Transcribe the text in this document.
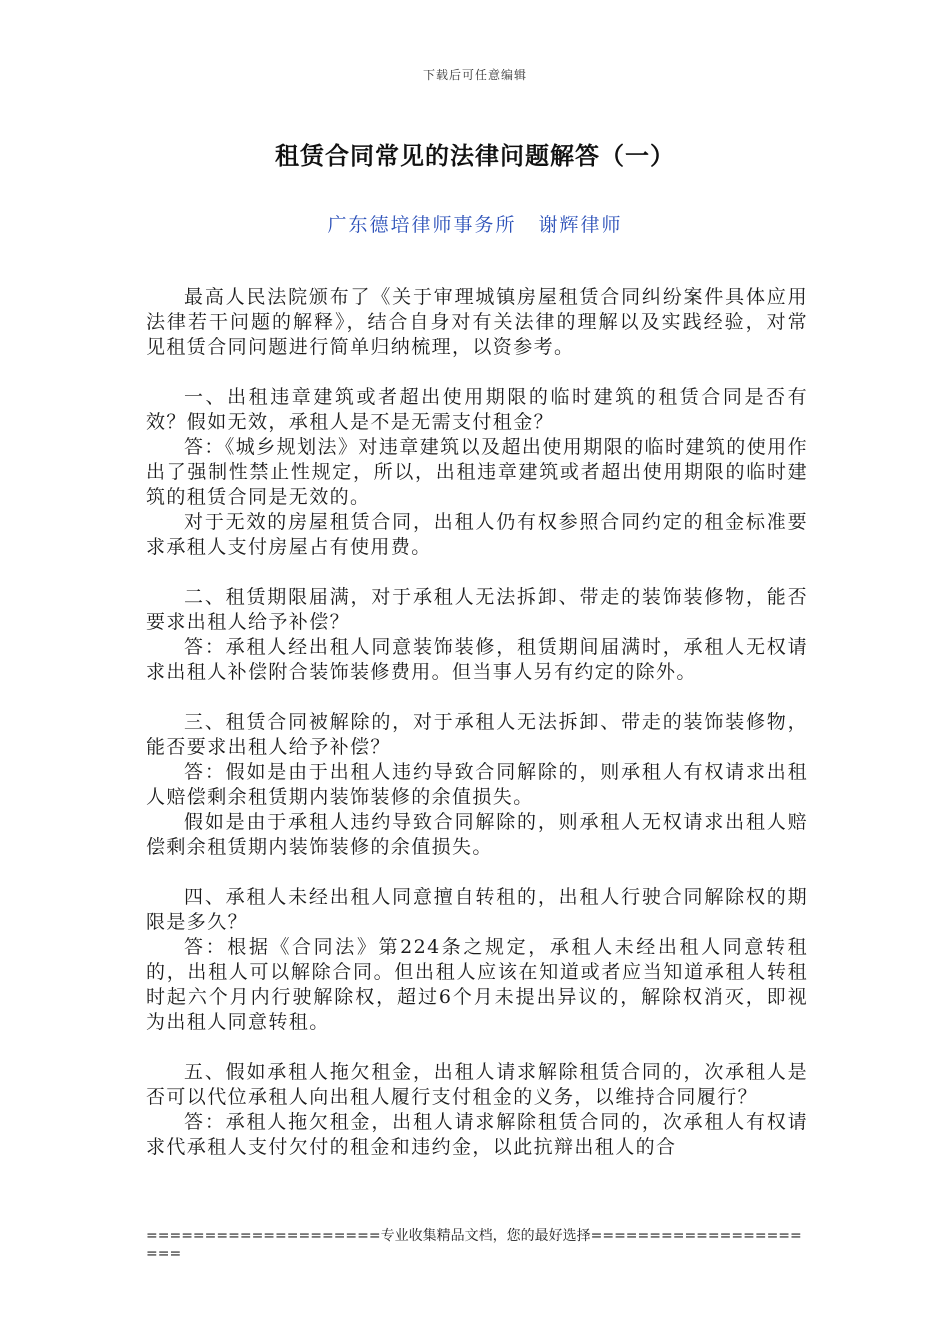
下载后可任意编辑
租赁合同常见的法律问题解答（一）
广东德培律师事务所 谢辉律师

最高人民法院颁布了《关于审理城镇房屋租赁合同纠纷案件具体应用法律若干问题的解释》，结合自身对有关法律的理解以及实践经验，对常见租赁合同问题进行简单归纳梳理，以资参考。

一、出租违章建筑或者超出使用期限的临时建筑的租赁合同是否有效？假如无效，承租人是不是无需支付租金？

答：《城乡规划法》对违章建筑以及超出使用期限的临时建筑的使用作出了强制性禁止性规定，所以，出租违章建筑或者超出使用期限的临时建筑的租赁合同是无效的。

对于无效的房屋租赁合同，出租人仍有权参照合同约定的租金标准要求承租人支付房屋占有使用费。

二、租赁期限届满，对于承租人无法拆卸、带走的装饰装修物，能否要求出租人给予补偿？

答：承租人经出租人同意装饰装修，租赁期间届满时，承租人无权请求出租人补偿附合装饰装修费用。但当事人另有约定的除外。

三、租赁合同被解除的，对于承租人无法拆卸、带走的装饰装修物，能否要求出租人给予补偿？

答：假如是由于出租人违约导致合同解除的，则承租人有权请求出租人赔偿剩余租赁期内装饰装修的余值损失。

假如是由于承租人违约导致合同解除的，则承租人无权请求出租人赔偿剩余租赁期内装饰装修的余值损失。

四、承租人未经出租人同意擅自转租的，出租人行驶合同解除权的期限是多久？

答：根据《合同法》第224条之规定，承租人未经出租人同意转租的，出租人可以解除合同。但出租人应该在知道或者应当知道承租人转租时起六个月内行驶解除权，超过6个月未提出异议的，解除权消灭，即视为出租人同意转租。

五、假如承租人拖欠租金，出租人请求解除租赁合同的，次承租人是否可以代位承租人向出租人履行支付租金的义务，以维持合同履行？

答：承租人拖欠租金，出租人请求解除租赁合同的，次承租人有权请求代承租人支付欠付的租金和违约金，以此抗辩出租人的合

====================专业收集精品文档，您的最好选择=====================
